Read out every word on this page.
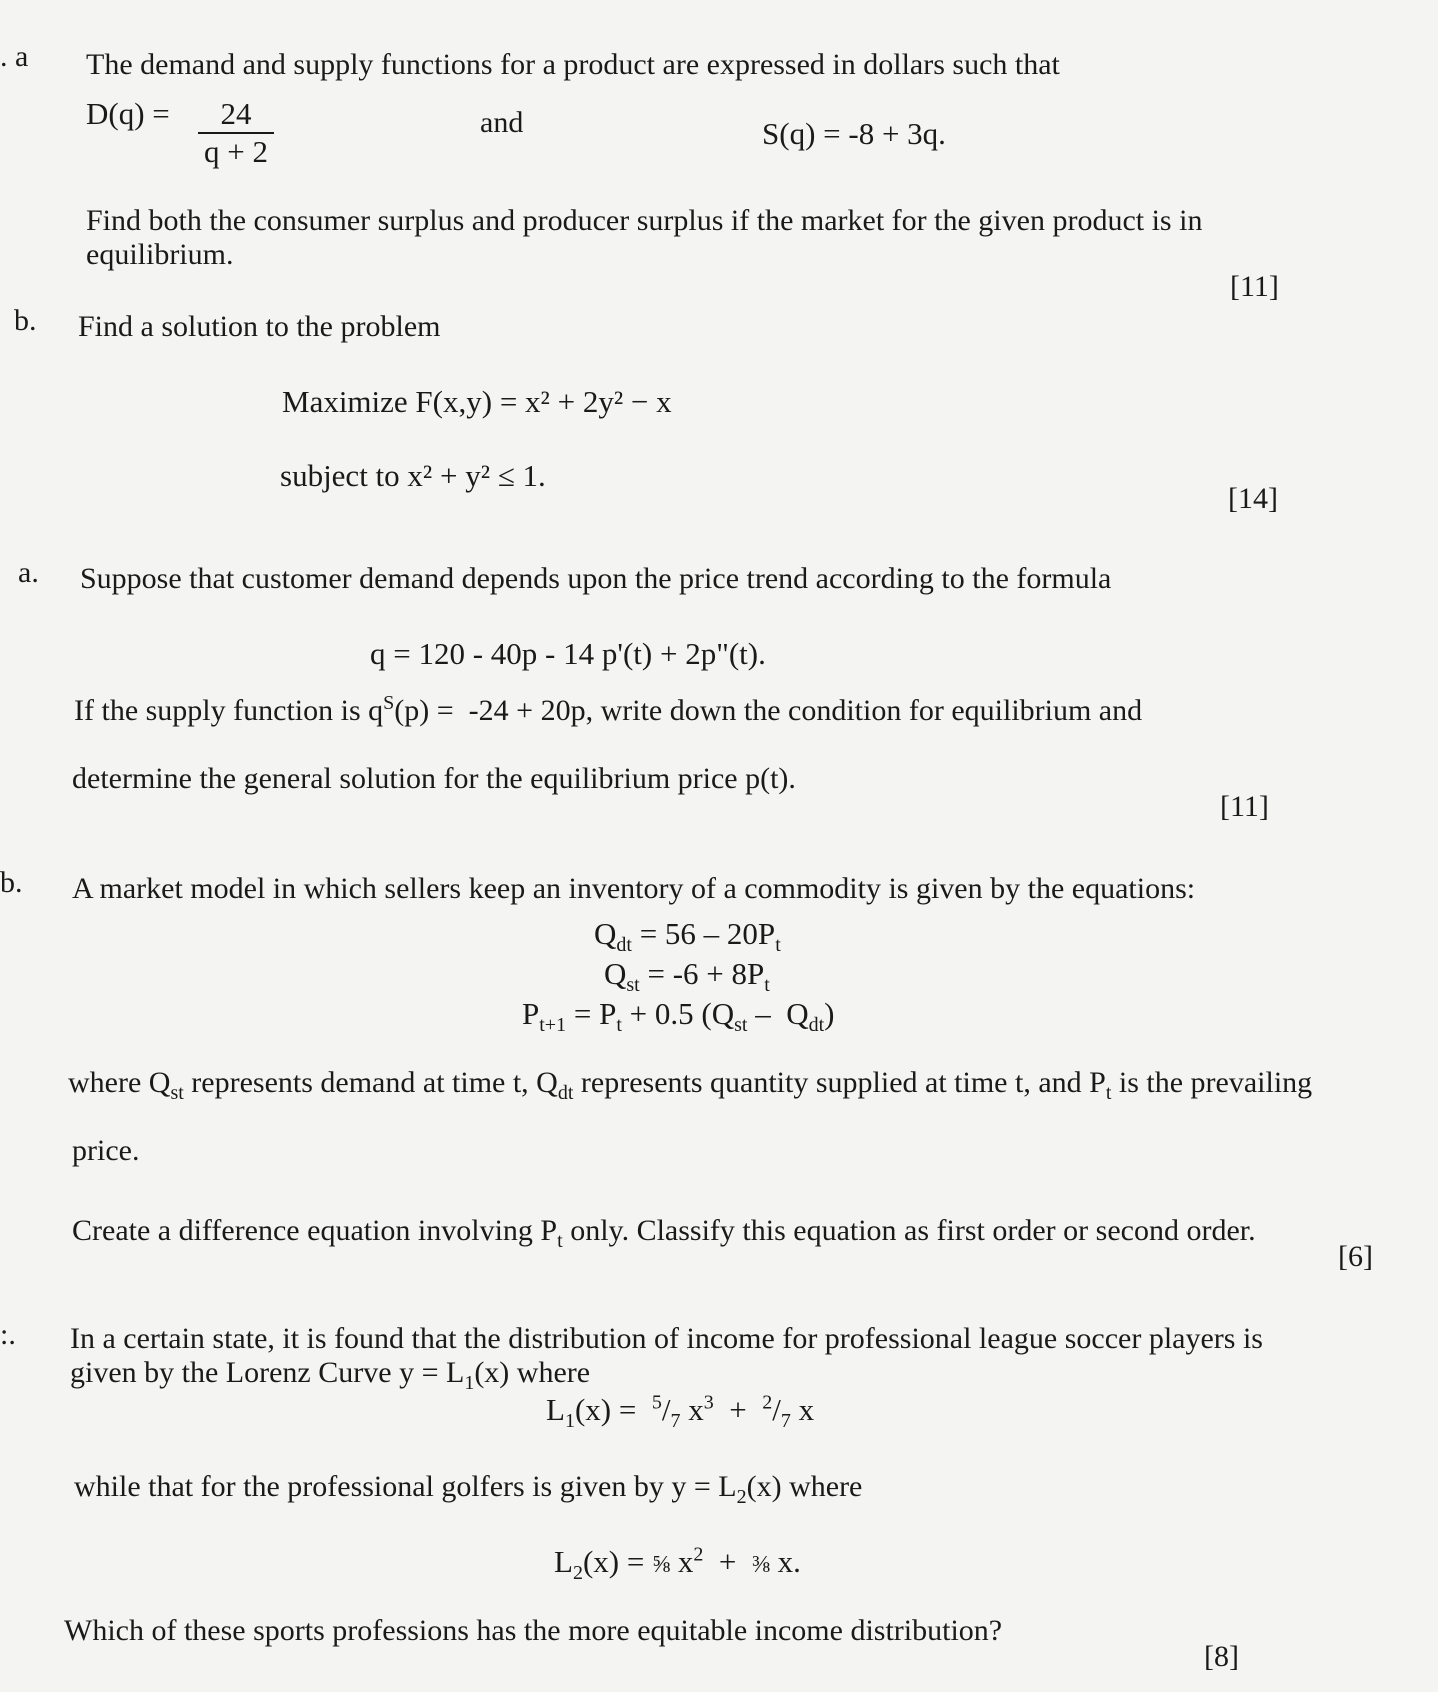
. a The demand and supply functions for a product are expressed in dollars such that
$D(q) = \frac{24}{q + 2}$	and	S(q) = -8 + 3q.
Find both the consumer surplus and producer surplus if the market for the given product is in
equilibrium.
[11]
b. Find a solution to the problem
Maximize F(x,y) = x² + 2y² − x
subject to x² + y² ≤ 1.
[14]
a. Suppose that customer demand depends upon the price trend according to the formula
q = 120 - 40p - 14 p'(t) + 2p"(t).
If the supply function is $q^S(p) = -24 + 20p$, write down the condition for equilibrium and
determine the general solution for the equilibrium price p(t).
[11]
b. A market model in which sellers keep an inventory of a commodity is given by the equations:
$Q_{dt} = 56 - 20P_t$
$Q_{st} = -6 + 8P_t$
$P_{t+1} = P_t + 0.5$ $(Q_{st} - Q_{dt})$
where $Q_{st}$ represents demand at time t, $Q_{dt}$ represents quantity supplied at time t, and $P_t$ is the prevailing
price.
Create a difference equation involving $P_t$ only. Classify this equation as first order or second order.
[6]
:. In a certain state, it is found that the distribution of income for professional league soccer players is
given by the Lorenz Curve $y = L_1(x)$ where
$L_1(x) = ^5/_7$ $x^3 + ^2/_7$ x
while that for the professional golfers is given by $y = L_2(x)$ where
$L_2(x)$ = ⅝ $x^2$  +  ⅜ x.
Which of these sports professions has the more equitable income distribution?
[8]
